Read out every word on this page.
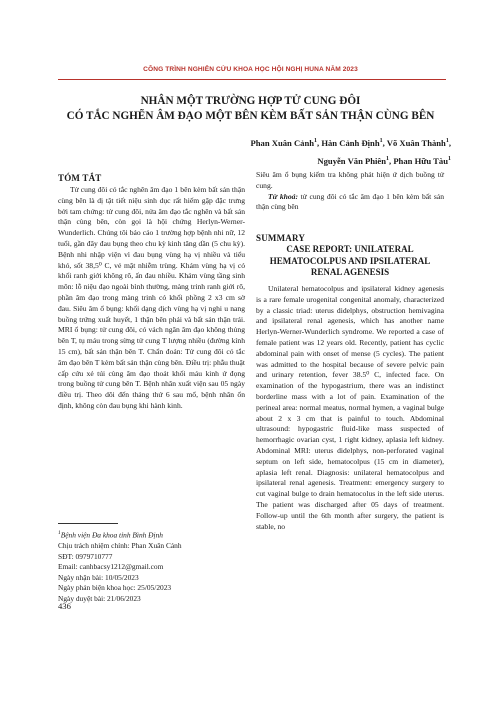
CÔNG TRÌNH NGHIÊN CỨU KHOA HỌC HỘI NGHỊ HUNA NĂM 2023
NHÂN MỘT TRƯỜNG HỢP TỬ CUNG ĐÔI
CÓ TẮC NGHẼN ÂM ĐẠO MỘT BÊN KÈM BẤT SẢN THẬN CÙNG BÊN
Phan Xuân Cảnh$^1$, Hàn Cảnh Định$^1$, Võ Xuân Thành$^1$,
Nguyễn Văn Phiên$^1$, Phan Hữu Tàu$^1$
TÓM TẮT

Tử cung đôi có tắc nghẽn âm đạo 1 bên kèm bất sản thận cùng bên là dị tật tiết niệu sinh dục rất hiếm gặp đặc trưng bởi tam chứng: tử cung đôi, nửa âm đạo tắc nghẽn và bất sản thận cùng bên, còn gọi là hội chứng Herlyn-Werner-Wunderlich. Chúng tôi báo cáo 1 trường hợp bệnh nhi nữ, 12 tuổi, gần đây đau bụng theo chu kỳ kinh tăng dần (5 chu kỳ). Bệnh nhi nhập viện vì đau bụng vùng hạ vị nhiều và tiểu khó, sốt 38,5⁰ C, vẻ mặt nhiễm trùng. Khám vùng hạ vị có khối ranh giới không rõ, ấn đau nhiều. Khám vùng tầng sinh môn: lỗ niệu đạo ngoài bình thường, màng trinh ranh giới rõ, phần âm đạo trong màng trinh có khối phồng 2 x3 cm sờ đau. Siêu âm ổ bụng: khối dạng dịch vùng hạ vị nghi u nang buồng trứng xuất huyết, 1 thận bên phải và bất sản thận trái. MRI ổ bụng: tử cung đôi, có vách ngăn âm đạo không thủng bên T, tụ máu trong sừng tử cung T lượng nhiều (đường kính 15 cm), bất sản thận bên T. Chẩn đoán: Tử cung đôi có tắc âm đạo bên T kèm bất sản thận cùng bên. Điều trị: phẫu thuật cấp cứu xẻ túi cùng âm đạo thoát khối máu kinh ứ đọng trong buồng tử cung bên T. Bệnh nhân xuất viện sau 05 ngày điều trị. Theo dõi đến tháng thứ 6 sau mổ, bệnh nhân ổn định, không còn đau bụng khi hành kinh.

Siêu âm ổ bụng kiểm tra không phát hiện ứ dịch buồng tử cung.

Từ khoá: tử cung đôi có tắc âm đạo 1 bên kèm bất sản thận cùng bên

SUMMARY
CASE REPORT: UNILATERAL HEMATOCOLPUS AND IPSILATERAL RENAL AGENESIS

Unilateral hematocolpus and ipsilateral kidney agenesis is a rare female urogenital congenital anomaly, characterized by a classic triad: uterus didelphys, obstruction hemivagina and ipsilateral renal agenesis, which has another name Herlyn-Werner-Wunderlich syndrome. We reported a case of female patient was 12 years old. Recently, patient has cyclic abdominal pain with onset of mense (5 cycles). The patient was admitted to the hospital because of severe pelvic pain and urinary retention, fever 38.5⁰ C, infected face. On examination of the hypogastrium, there was an indistinct borderline mass with a lot of pain. Examination of the perineal area: normal meatus, normal hymen, a vaginal bulge about 2 x 3 cm that is painful to touch. Abdominal ultrasound: hypogastric fluid-like mass suspected of hemorrhagic ovarian cyst, 1 right kidney, aplasia left kidney. Abdominal MRI: uterus didelphys, non-perforated vaginal septum on left side, hematocolpus (15 cm in diameter), aplasia left renal. Diagnosis: unilateral hematocolpus and ipsilateral renal agenesis. Treatment: emergency surgery to cut vaginal bulge to drain hematocolus in the left side uterus. The patient was discharged after 05 days of treatment. Follow-up until the 6th month after surgery, the patient is stable, no

$^1$Bệnh viện Đa khoa tỉnh Bình Định
Chịu trách nhiệm chính: Phan Xuân Cảnh
SĐT: 0979710777
Email: canhbacsy1212@gmail.com
Ngày nhận bài: 10/05/2023
Ngày phản biện khoa học: 25/05/2023
Ngày duyệt bài: 21/06/2023
436
